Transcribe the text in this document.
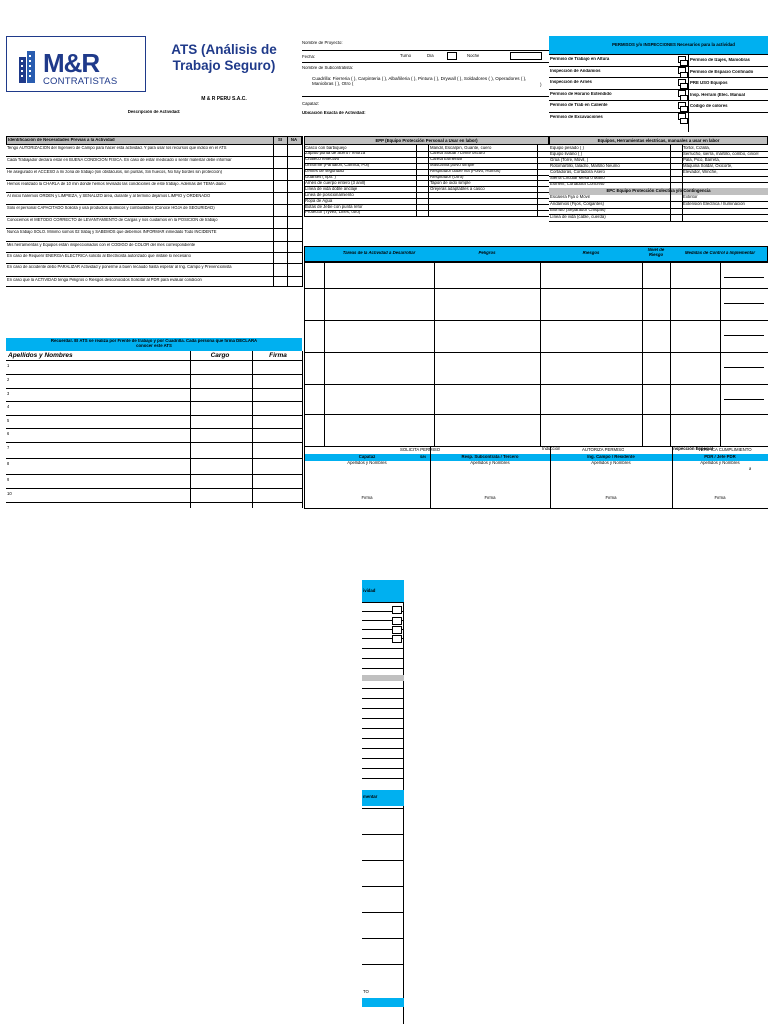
M&R
CONTRATISTAS
ATS (Análisis de Trabajo Seguro)
M & R PERU S.A.C.
Nombre de Proyecto:
Fecha:	Turno	Día	Noche
Nombre de Subcontratista:
Cuadrilla: Fierreria ( ), Carpinteria ( ), Albañileria ( ), Pintura ( ), Drywall ( ), Soldadores ( ), Operadores ( ), Maniobras ( ), Otro (	)
Capataz:
PERMISOS y/o INSPECCIONES Necesarios para la actividad
Permiso de Trabajo en Altura	Permiso de Izajes, Maniobras
Inspección de Andamios	Permiso de Espacio Confinado
Inspección de Arnés	PRE USO Equipos
Permiso de Horario Extendido	Insp. Herram (Elec. Manual
Permiso de Trab en Caliente	Código de colores
Permiso de Excavaciones
Descripción de Actividad:	Ubicación Exacta de Actividad:
Identificación de Necesidades Previas a la Actividad	SI	NA
Tengo AUTORIZACION del Ingeniero de Campo para hacer esta actividad. Y para usar los recursos que indico en el ATS
Cada Trabajador declara estar en BUENA CONDICION FISICA. En caso de estar medicado o sentir malestar debe informar
He asegurado el ACCESO a mi zona de trabajo (sin obstáculos, sin puntas, Sin huecos, No hay bordes sin protección)
Hemos realizado la CHARLA de 10 min donde hemos revisado las condiciones de este trabajo. Además del TEMA diario
Al inicio haremos ORDEN y LIMPIEZA, y SEÑALIZO área, durante y al termino dejamos LIMPIO y ORDENADO
Sólo el personal CAPACITADO Solicita y usa productos químicos y combustibles (Conoce HOJA de SEGURIDAD)
Conocemos el METODO CORRECTO de LEVANTAMIENTO de Cargas y nos cuidamos en la POSICION de trabajo
Nunca trabajo SOLO. Mínimo somos 02 trabaj y SABEMOS que debemos INFORMAR inmediato Todo INCIDENTE
Mis herramientas y Equipos están inspeccionados con el CODIGO de COLOR del mes correspondiente
En caso de Requerir ENERGIA ELECTRICA solicito al Electricista autorizado que instale lo necesario
En caso de accidente debo PARALIZAR Actividad y ponerme a buen recaudo hasta esperar al Ing. Campo y Prevencionista
En caso que la ACTIVIDAD tenga Peligros o Riesgos desconocidos Solicitar al PDR para evaluar condición
Recuerda!. El ATS se realiza por Frente de trabajo y por Cuadrilla. Cada persona que firma DECLARA conocer este ATS
Apellidos y Nombres	Cargo	Firma
1
2
3
4
5
6
7
8
9
10
EPP (Equipo Protección Personal a Usar en labor)
Casco con barbiquejo	Mandil, Escarpin, Guante, cuero
Zapato punta de acero / reforza	Careta Soldar / Lente oscuro
Chaleco reflectivo	Careta Esmerilar
Uniforme (Pantalon, Camisa, Pol)	Mascarilla polvo simple
Lentes de seguridad	Respirador doble vía (Polvo, Humos)
Guantes (Tipo: )	Respirador (Otro)
Arnés de cuerpo entero (3 anill)	Tapon de oido simple
Línea de vida doble anclaje	Orejeras adaptables a casco
Linea de posicionamiento
Ropa de Agua
Botas de Jebe con punta refor
Protector (Tyvex, Lines, otro)
Equipos, Herramientas electricas, manuales a usar en labor
Equipo pesado ( )	Tortol, Cizalla,
Equipo liviano ( )	Serrucho, sierra, martillo, combo, cincel
Grúa (Torre, Móvil, )	Pala, Pico, Barreta,
Rotomartillo, taladro, Martillo Neumo	Máquina Soldar, Oxicorte,
Cortadoras, Cortadora Asero	Elevador, Winche,
Sierra Circular Mesa o Mano
Esmeril, Cortadora Concreto
EPC Equipo Protección Colectiva y/o Contingencia
Escalera Fija o Móvil	Extintor
Andamios (Fijos, Colgantes)	Extensión Eléctrica / Iluminación
Biombo (Separador Chispas)
Línea de vida (cable, cuerda)
Tareas de la Actividad a Desarrollar	Peligros	Riesgos
Nivel de Riesgo	Medidas de Control a Implementar
SOLICITA PERMISO	Inducción	AUTORIZA PERMISO	Inspección Especial
VERIFICA CUMPLIMIENTO
Capataz
Apellidos y Nombres
Firma
Resp. Subcontrata / Tercero
Apellidos y Nombres
Firma
Ing. Campo / Residente
Apellidos y Nombres
Firma
PDR / Jefe PDR
Apellidos y Nombres
Firma
S/N
a
ividad
mentar
TO
